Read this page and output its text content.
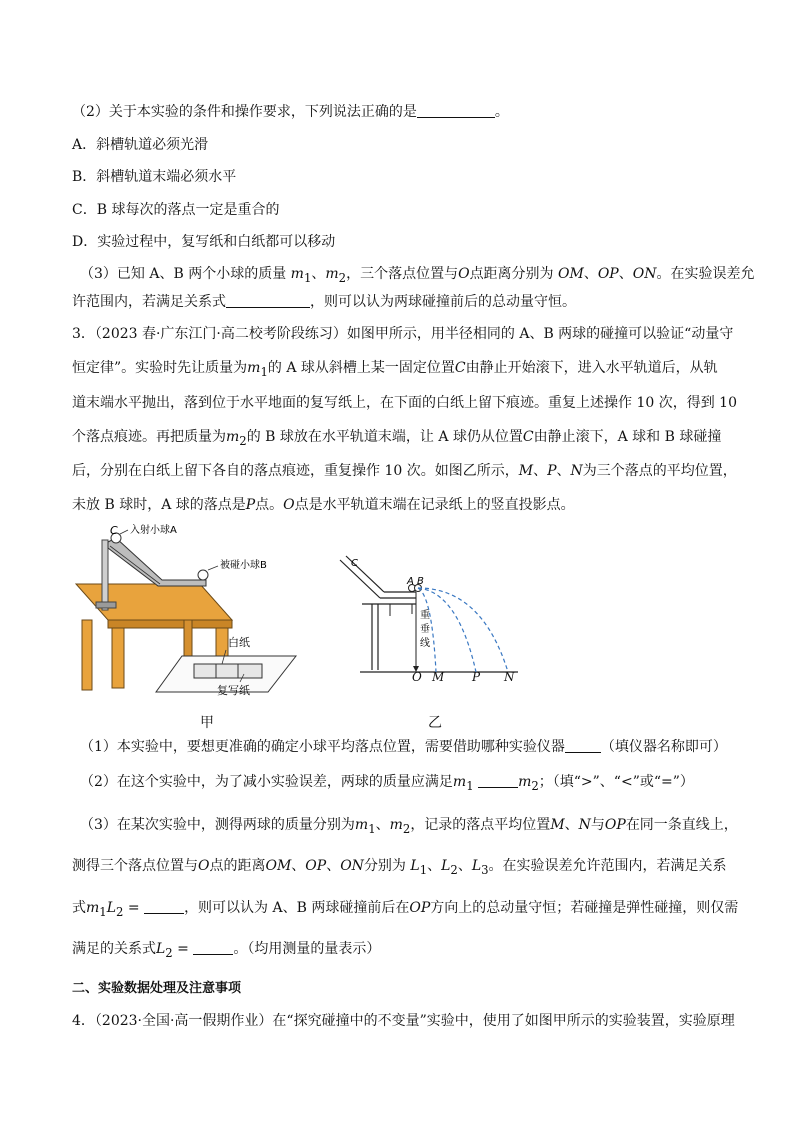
（2）关于本实验的条件和操作要求，下列说法正确的是	。
A．斜槽轨道必须光滑
B．斜槽轨道末端必须水平
C．B 球每次的落点一定是重合的
D．实验过程中，复写纸和白纸都可以移动
（3）已知 A、B 两个小球的质量 $m_1$、$m_2$，三个落点位置与O点距离分别为 OM、OP、ON。在实验误差允
许范围内，若满足关系式	，则可以认为两球碰撞前后的总动量守恒。
3．（2023 春·广东江门·高二校考阶段练习）如图甲所示，用半径相同的 A、B 两球的碰撞可以验证“动量守
恒定律”。实验时先让质量为$m_1$的 A 球从斜槽上某一固定位置C由静止开始滚下，进入水平轨道后，从轨
道末端水平抛出，落到位于水平地面的复写纸上，在下面的白纸上留下痕迹。重复上述操作 10 次，得到 10
个落点痕迹。再把质量为$m_2$的 B 球放在水平轨道末端，让 A 球仍从位置C由静止滚下，A 球和 B 球碰撞
后，分别在白纸上留下各自的落点痕迹，重复操作 10 次。如图乙所示，M、P、N为三个落点的平均位置，
未放 B 球时，A 球的落点是P点。O点是水平轨道末端在记录纸上的竖直投影点。
C 入射小球A
被碰小球B
白纸
复写纸
甲
C
A B
重
垂
线
O M P N
乙
（1）本实验中，要想更准确的确定小球平均落点位置，需要借助哪种实验仪器	（填仪器名称即可）
（2）在这个实验中，为了减小实验误差，两球的质量应满足$m_1$	$m_2$；（填“>”、“<”或“=”）
（3）在某次实验中，测得两球的质量分别为$m_1$、$m_2$，记录的落点平均位置M、N与OP在同一条直线上，
测得三个落点位置与O点的距离OM、OP、ON分别为 $L_1$、$L_2$、$L_3$。在实验误差允许范围内，若满足关系
式$m_1L_2$ =	，则可以认为 A、B 两球碰撞前后在OP方向上的总动量守恒；若碰撞是弹性碰撞，则仅需
满足的关系式$L_2$ =	。（均用测量的量表示）
二、实验数据处理及注意事项
4．（2023·全国·高一假期作业）在“探究碰撞中的不变量”实验中，使用了如图甲所示的实验装置，实验原理
